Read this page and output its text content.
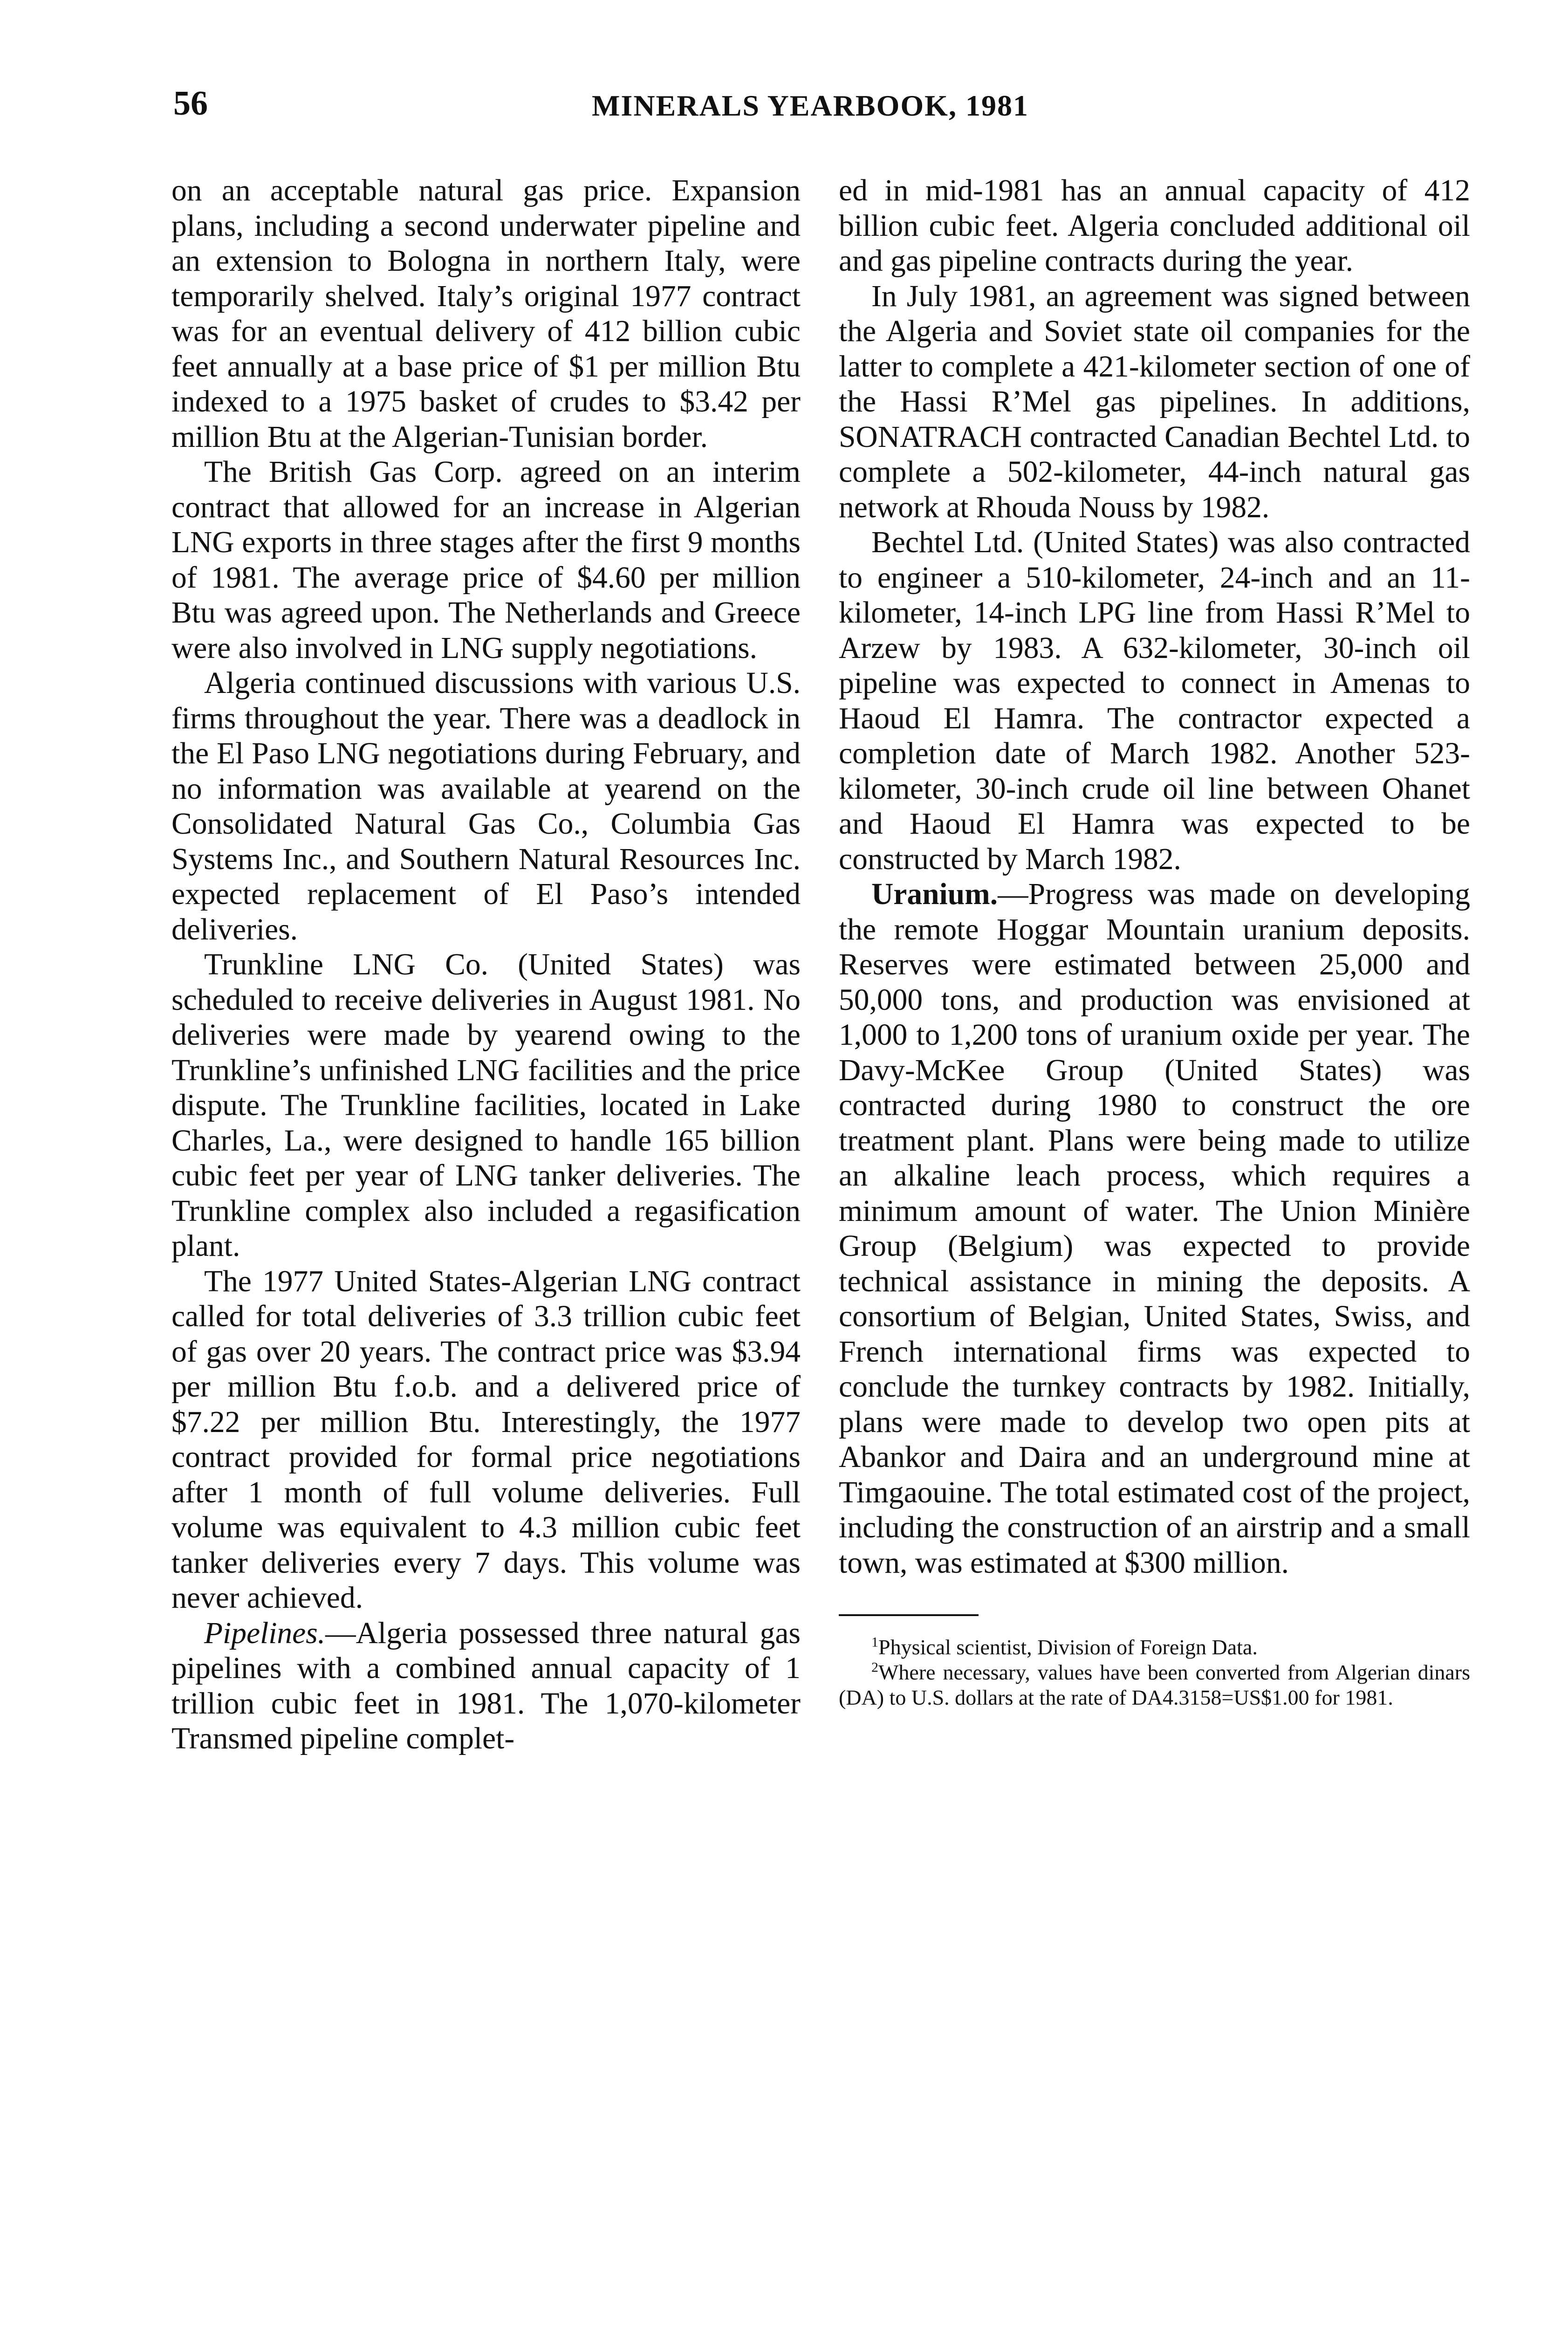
56	MINERALS YEARBOOK, 1981

on an acceptable natural gas price. Expansion plans, including a second underwater pipeline and an extension to Bologna in northern Italy, were temporarily shelved. Italy’s original 1977 contract was for an eventual delivery of 412 billion cubic feet annually at a base price of $1 per million Btu indexed to a 1975 basket of crudes to $3.42 per million Btu at the Algerian-Tunisian border.

The British Gas Corp. agreed on an interim contract that allowed for an increase in Algerian LNG exports in three stages after the first 9 months of 1981. The average price of $4.60 per million Btu was agreed upon. The Netherlands and Greece were also involved in LNG supply negotiations.

Algeria continued discussions with various U.S. firms throughout the year. There was a deadlock in the El Paso LNG negotiations during February, and no information was available at yearend on the Consolidated Natural Gas Co., Columbia Gas Systems Inc., and Southern Natural Resources Inc. expected replacement of El Paso’s intended deliveries.

Trunkline LNG Co. (United States) was scheduled to receive deliveries in August 1981. No deliveries were made by yearend owing to the Trunkline’s unfinished LNG facilities and the price dispute. The Trunkline facilities, located in Lake Charles, La., were designed to handle 165 billion cubic feet per year of LNG tanker deliveries. The Trunkline complex also included a regasification plant.

The 1977 United States-Algerian LNG contract called for total deliveries of 3.3 trillion cubic feet of gas over 20 years. The contract price was $3.94 per million Btu f.o.b. and a delivered price of $7.22 per million Btu. Interestingly, the 1977 contract provided for formal price negotiations after 1 month of full volume deliveries. Full volume was equivalent to 4.3 million cubic feet tanker deliveries every 7 days. This volume was never achieved.

Pipelines.—Algeria possessed three natural gas pipelines with a combined annual capacity of 1 trillion cubic feet in 1981. The 1,070-kilometer Transmed pipeline complet-

ed in mid-1981 has an annual capacity of 412 billion cubic feet. Algeria concluded additional oil and gas pipeline contracts during the year.

In July 1981, an agreement was signed between the Algeria and Soviet state oil companies for the latter to complete a 421-kilometer section of one of the Hassi R’Mel gas pipelines. In additions, SONATRACH contracted Canadian Bechtel Ltd. to complete a 502-kilometer, 44-inch natural gas network at Rhouda Nouss by 1982.

Bechtel Ltd. (United States) was also contracted to engineer a 510-kilometer, 24-inch and an 11-kilometer, 14-inch LPG line from Hassi R’Mel to Arzew by 1983. A 632-kilometer, 30-inch oil pipeline was expected to connect in Amenas to Haoud El Hamra. The contractor expected a completion date of March 1982. Another 523-kilometer, 30-inch crude oil line between Ohanet and Haoud El Hamra was expected to be constructed by March 1982.

Uranium.—Progress was made on developing the remote Hoggar Mountain uranium deposits. Reserves were estimated between 25,000 and 50,000 tons, and production was envisioned at 1,000 to 1,200 tons of uranium oxide per year. The Davy-McKee Group (United States) was contracted during 1980 to construct the ore treatment plant. Plans were being made to utilize an alkaline leach process, which requires a minimum amount of water. The Union Minière Group (Belgium) was expected to provide technical assistance in mining the deposits. A consortium of Belgian, United States, Swiss, and French international firms was expected to conclude the turnkey contracts by 1982. Initially, plans were made to develop two open pits at Abankor and Daira and an underground mine at Timgaouine. The total estimated cost of the project, including the construction of an airstrip and a small town, was estimated at $300 million.

$^1$Physical scientist, Division of Foreign Data.

$^2$Where necessary, values have been converted from Algerian dinars (DA) to U.S. dollars at the rate of DA4.3158=US$1.00 for 1981.
